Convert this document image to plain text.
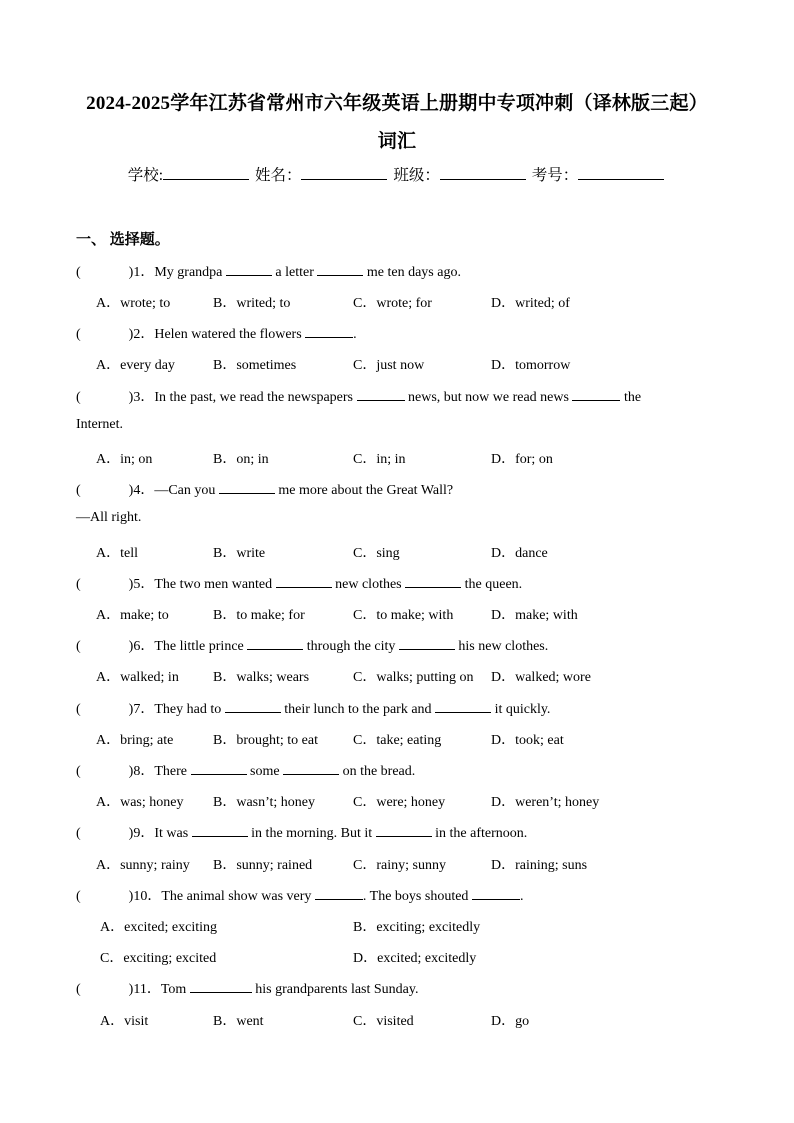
2024-2025学年江苏省常州市六年级英语上册期中专项冲刺（译林版三起）
词汇
学校:	姓名：	班级：	考号：
一、 选择题。
(	)1．My grandpa	a letter	me ten days ago.
A．wrote; to	B．writed; to	C．wrote; for	D．writed; of
(	)2．Helen watered the flowers	.
A．every day	B．sometimes	C．just now	D．tomorrow
(	)3．In the past, we read the newspapers	news, but now we read news	the
Internet.
A．in; on	B．on; in	C．in; in	D．for; on
(	)4．—Can you	me more about the Great Wall?
—All right.
A．tell	B．write	C．sing	D．dance
(	)5．The two men wanted	new clothes	the queen.
A．make; to	B．to make; for	C．to make; with	D．make; with
(	)6．The little prince	through the city	his new clothes.
A．walked; in B．walks; wears	C．walks; putting on D．walked; wore
(	)7．They had to	their lunch to the park and	it quickly.
A．bring; ate	B．brought; to eat	C．take; eating	D．took; eat
(	)8．There	some	on the bread.
A．was; honey B．wasn’t; honey	C．were; honey	D．weren’t; honey
(	)9．It was	in the morning. But it	in the afternoon.
A．sunny; rainy B．sunny; rained	C．rainy; sunny	D．raining; suns
(	)10．The animal show was very	. The boys shouted	.
A．excited; exciting	B．exciting; excitedly
C．exciting; excited	D．excited; excitedly
(	)11．Tom	his grandparents last Sunday.
A．visit	B．went	C．visited	D．go
